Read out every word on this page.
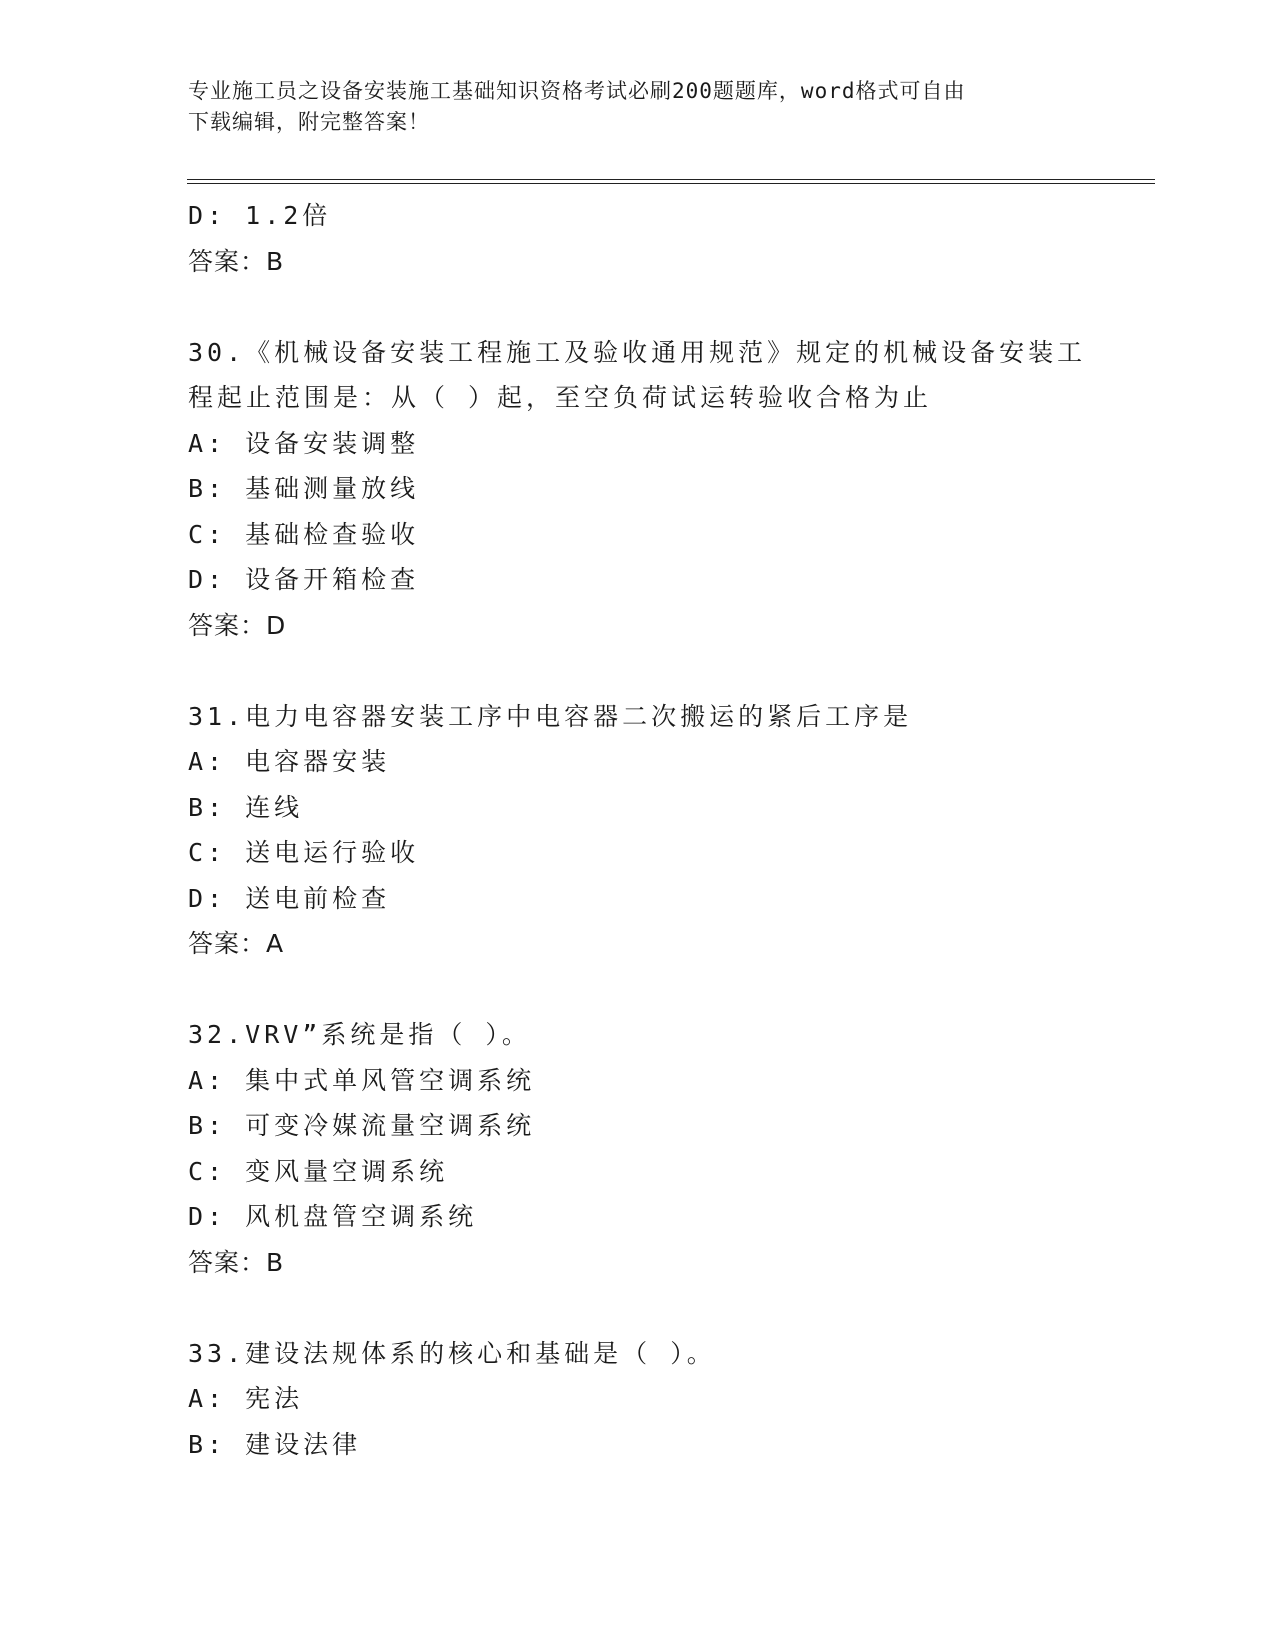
专业施工员之设备安装施工基础知识资格考试必刷200题题库，word格式可自由
下载编辑，附完整答案！
D: 1.2倍
答案：B
30.《机械设备安装工程施工及验收通用规范》规定的机械设备安装工
程起止范围是：从（ ）起，至空负荷试运转验收合格为止
A: 设备安装调整
B: 基础测量放线
C: 基础检查验收
D: 设备开箱检查
答案：D
31.电力电容器安装工序中电容器二次搬运的紧后工序是
A: 电容器安装
B: 连线
C: 送电运行验收
D: 送电前检查
答案：A
32.VRV”系统是指（ ）。
A: 集中式单风管空调系统
B: 可变冷媒流量空调系统
C: 变风量空调系统
D: 风机盘管空调系统
答案：B
33.建设法规体系的核心和基础是（ ）。
A: 宪法
B: 建设法律
